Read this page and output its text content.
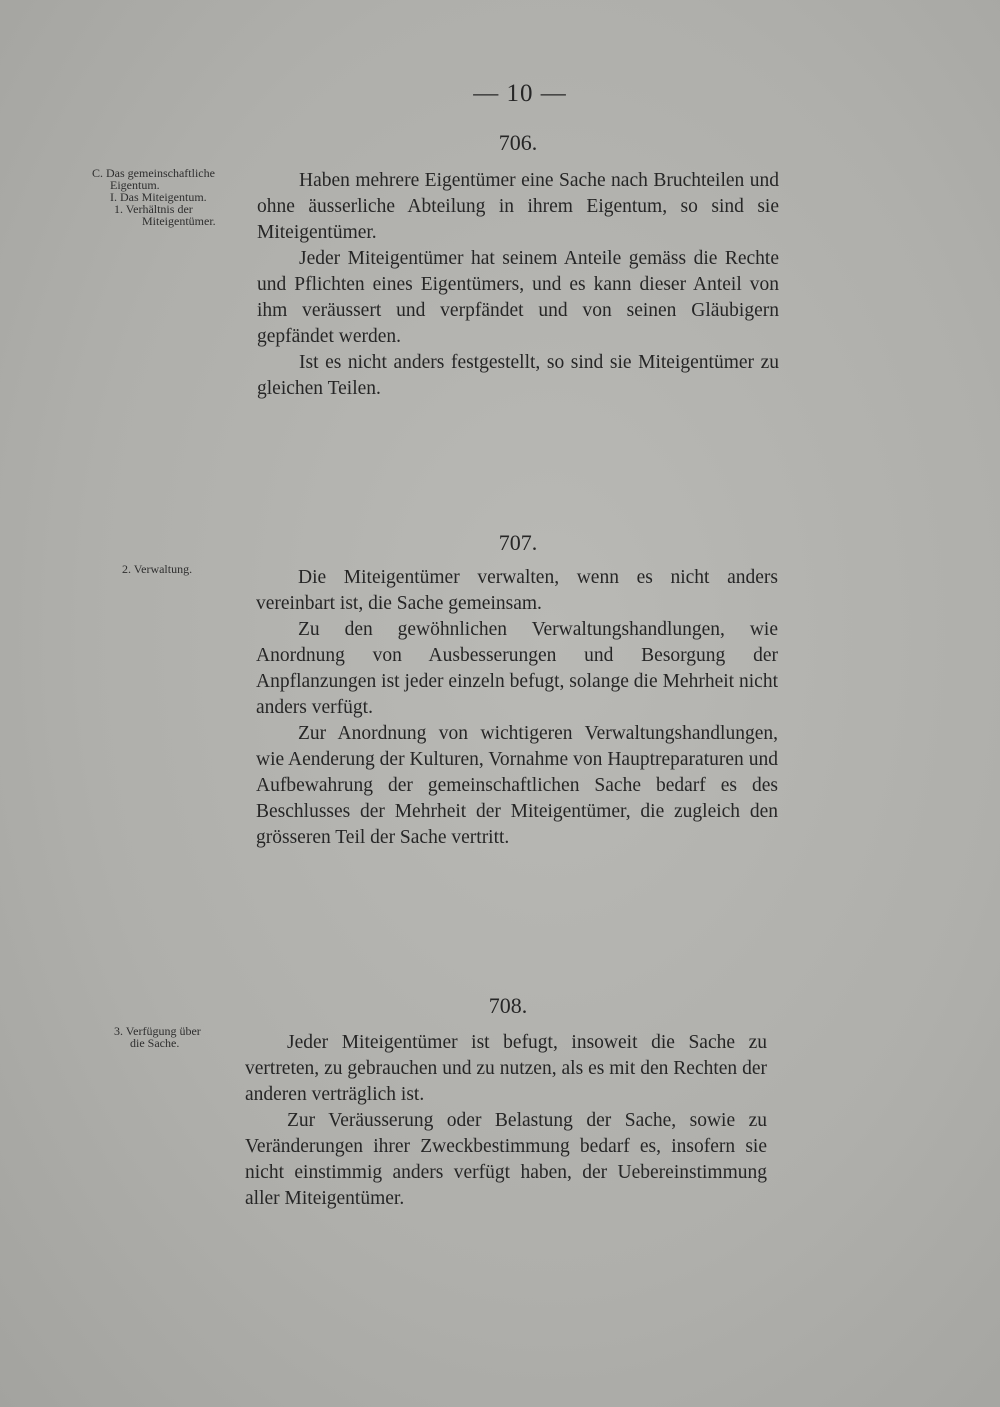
— 10 —
706.
C. Das gemeinschaftliche
Eigentum.
I. Das Miteigentum.
1. Verhältnis der
Miteigentümer.

Haben mehrere Eigentümer eine Sache nach Bruchteilen und ohne äusserliche Abteilung in ihrem Eigentum, so sind sie Miteigentümer.

Jeder Miteigentümer hat seinem Anteile gemäss die Rechte und Pflichten eines Eigentümers, und es kann dieser Anteil von ihm veräussert und verpfändet und von seinen Gläubigern gepfändet werden.

Ist es nicht anders festgestellt, so sind sie Miteigentümer zu gleichen Teilen.

707.
2. Verwaltung.	Die Miteigentümer verwalten, wenn es nicht anders vereinbart ist, die Sache gemeinsam.

Zu den gewöhnlichen Verwaltungshandlungen, wie Anordnung von Ausbesserungen und Besorgung der Anpflanzungen ist jeder einzeln befugt, solange die Mehrheit nicht anders verfügt.

Zur Anordnung von wichtigeren Verwaltungshandlungen, wie Aenderung der Kulturen, Vornahme von Hauptreparaturen und Aufbewahrung der gemeinschaftlichen Sache bedarf es des Beschlusses der Mehrheit der Miteigentümer, die zugleich den grösseren Teil der Sache vertritt.

708.
3. Verfügung über
die Sache.	Jeder Miteigentümer ist befugt, insoweit die Sache zu vertreten, zu gebrauchen und zu nutzen, als es mit den Rechten der anderen verträglich ist.

Zur Veräusserung oder Belastung der Sache, sowie zu Veränderungen ihrer Zweckbestimmung bedarf es, insofern sie nicht einstimmig anders verfügt haben, der Uebereinstimmung aller Miteigentümer.
